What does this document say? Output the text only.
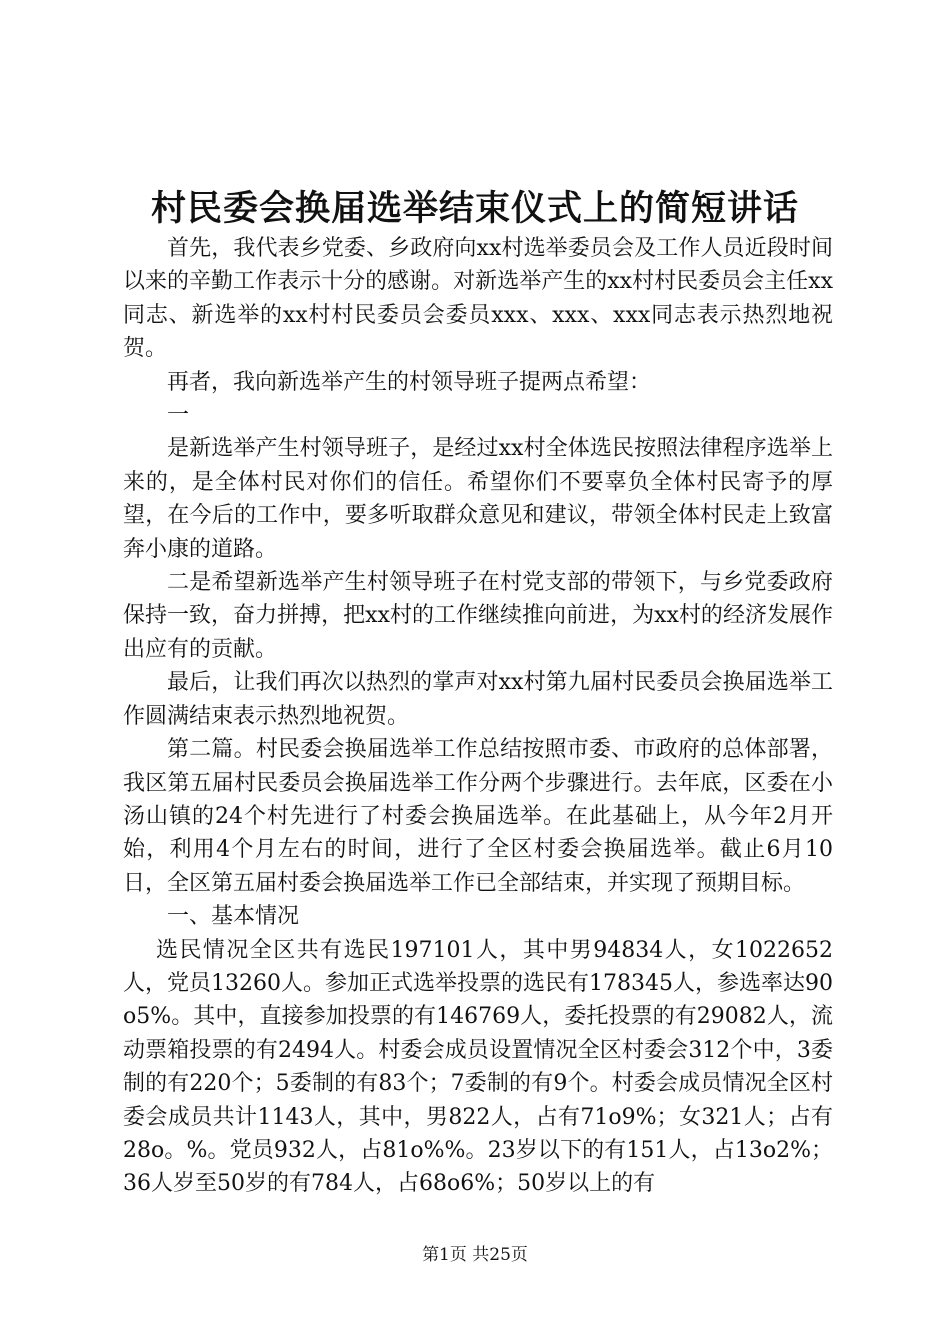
村民委会换届选举结束仪式上的简短讲话

首先，我代表乡党委、乡政府向xx村选举委员会及工作人员近段时间以来的辛勤工作表示十分的感谢。对新选举产生的xx村村民委员会主任xx同志、新选举的xx村村民委员会委员xxx、xxx、xxx同志表示热烈地祝贺。

再者，我向新选举产生的村领导班子提两点希望：

一

是新选举产生村领导班子，是经过xx村全体选民按照法律程序选举上来的，是全体村民对你们的信任。希望你们不要辜负全体村民寄予的厚望，在今后的工作中，要多听取群众意见和建议，带领全体村民走上致富奔小康的道路。

二是希望新选举产生村领导班子在村党支部的带领下，与乡党委政府保持一致，奋力拼搏，把xx村的工作继续推向前进，为xx村的经济发展作出应有的贡献。

最后，让我们再次以热烈的掌声对xx村第九届村民委员会换届选举工作圆满结束表示热烈地祝贺。

第二篇。村民委会换届选举工作总结按照市委、市政府的总体部署，我区第五届村民委员会换届选举工作分两个步骤进行。去年底，区委在小汤山镇的24个村先进行了村委会换届选举。在此基础上，从今年2月开始，利用4个月左右的时间，进行了全区村委会换届选举。截止6月10日，全区第五届村委会换届选举工作已全部结束，并实现了预期目标。

一、基本情况

选民情况全区共有选民197101人，其中男94834人，女1022652人，党员13260人。参加正式选举投票的选民有178345人，参选率达90o5%。其中，直接参加投票的有146769人，委托投票的有29082人，流动票箱投票的有2494人。村委会成员设置情况全区村委会312个中，3委制的有220个；5委制的有83个；7委制的有9个。村委会成员情况全区村委会成员共计1143人，其中，男822人，占有71o9%；女321人；占有28o。%。党员932人，占81o%%。23岁以下的有151人，占13o2%；36人岁至50岁的有784人，占68o6%；50岁以上的有

第1页 共25页
